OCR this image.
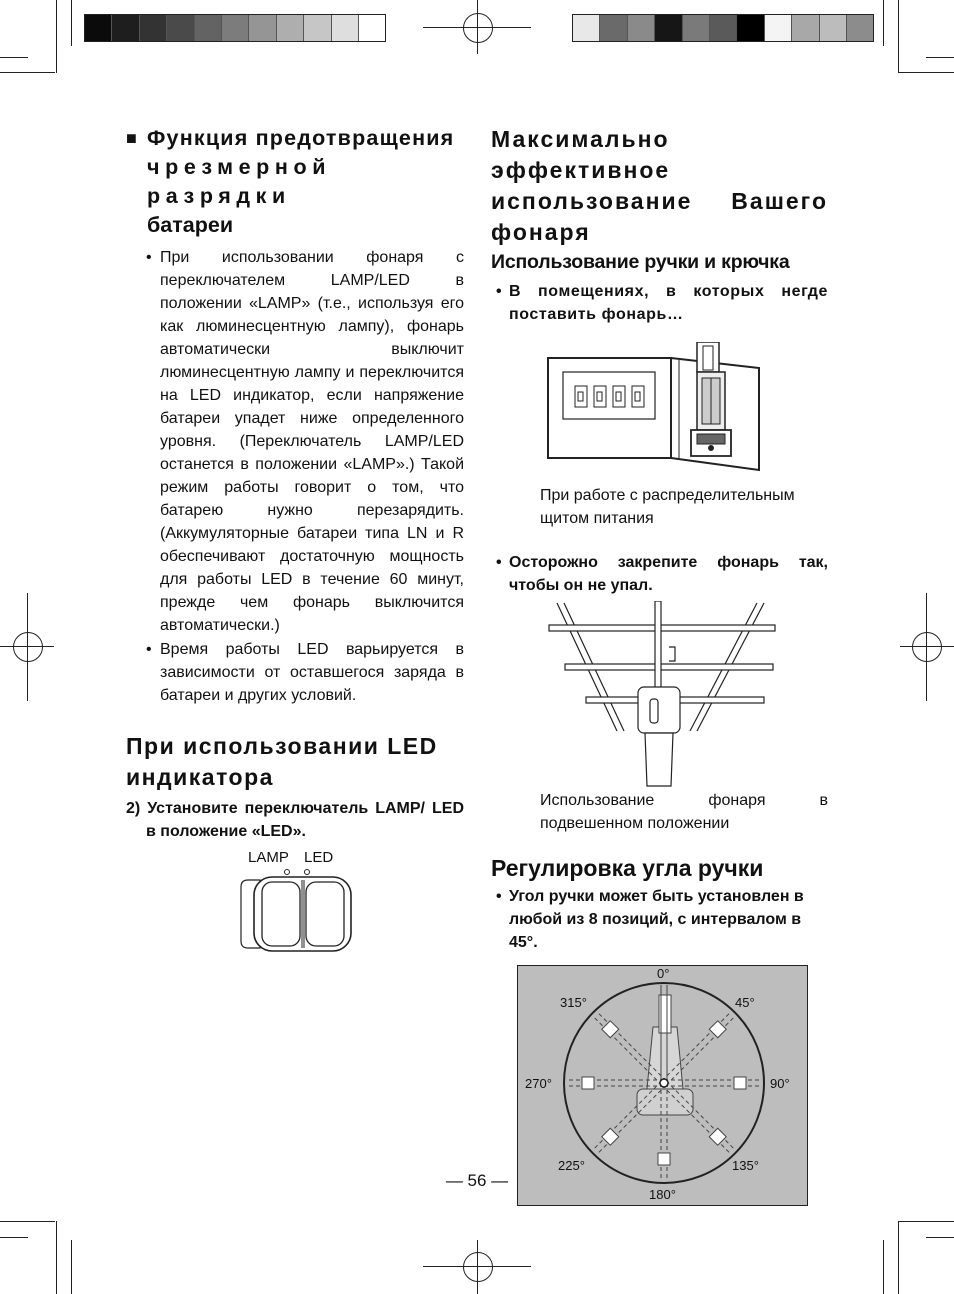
■ Функция предотвращения
чрезмерной разрядки
батареи
• При использовании фонаря с переключателем LAMP/LED в положении «LAMP» (т.е., используя его как люминесцентную лампу), фонарь автоматически выключит люминесцентную лампу и переключится на LED индикатор, если напряжение батареи упадет ниже определенного уровня. (Переключатель LAMP/LED останется в положении «LAMP».) Такой режим работы говорит о том, что батарею нужно перезарядить. (Аккумуляторные батареи типа LN и R обеспечивают достаточную мощность для работы LED в течение 60 минут, прежде чем фонарь выключится автоматически.)
• Время работы LED варьируется в зависимости от оставшегося заряда в батареи и других условий.
При использовании LED индикатора
2) Установите переключатель LAMP/ LED в положение «LED».
LAMP LED
Максимально эффективное использование Вашего фонаря
Использование ручки и крючка
• В помещениях, в которых негде поставить фонарь…
При работе с распределительным щитом питания
• Осторожно закрепите фонарь так, чтобы он не упал.
Использование фонаря в подвешенном положении
Регулировка угла ручки
• Угол ручки может быть установлен в любой из 8 позиций, с интервалом в 45°.
0°
45°
90°
135°
180°
225°
270°
315°
— 56 —
